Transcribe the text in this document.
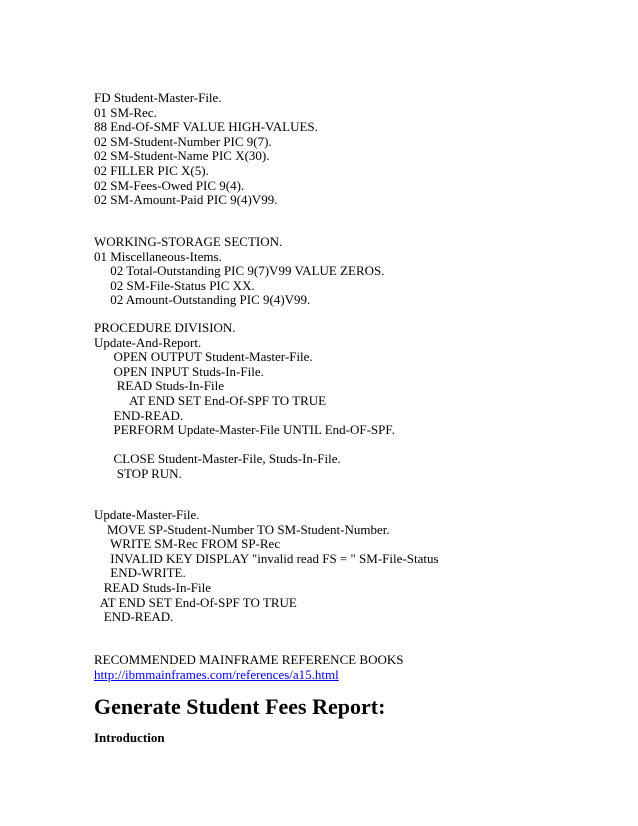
FD Student-Master-File.
01 SM-Rec.
88 End-Of-SMF VALUE HIGH-VALUES.
02 SM-Student-Number PIC 9(7).
02 SM-Student-Name PIC X(30).
02 FILLER PIC X(5).
02 SM-Fees-Owed PIC 9(4).
02 SM-Amount-Paid PIC 9(4)V99.
WORKING-STORAGE SECTION.
01 Miscellaneous-Items.
02 Total-Outstanding PIC 9(7)V99 VALUE ZEROS.
02 SM-File-Status PIC XX.
02 Amount-Outstanding PIC 9(4)V99.
PROCEDURE DIVISION.
Update-And-Report.
OPEN OUTPUT Student-Master-File.
OPEN INPUT Studs-In-File.
READ Studs-In-File
AT END SET End-Of-SPF TO TRUE
END-READ.
PERFORM Update-Master-File UNTIL End-OF-SPF.
CLOSE Student-Master-File, Studs-In-File.
STOP RUN.
Update-Master-File.
MOVE SP-Student-Number TO SM-Student-Number.
WRITE SM-Rec FROM SP-Rec
INVALID KEY DISPLAY "invalid read FS = " SM-File-Status
END-WRITE.
READ Studs-In-File
AT END SET End-Of-SPF TO TRUE
END-READ.
RECOMMENDED MAINFRAME REFERENCE BOOKS
http://ibmmainframes.com/references/a15.html
Generate Student Fees Report:
Introduction
